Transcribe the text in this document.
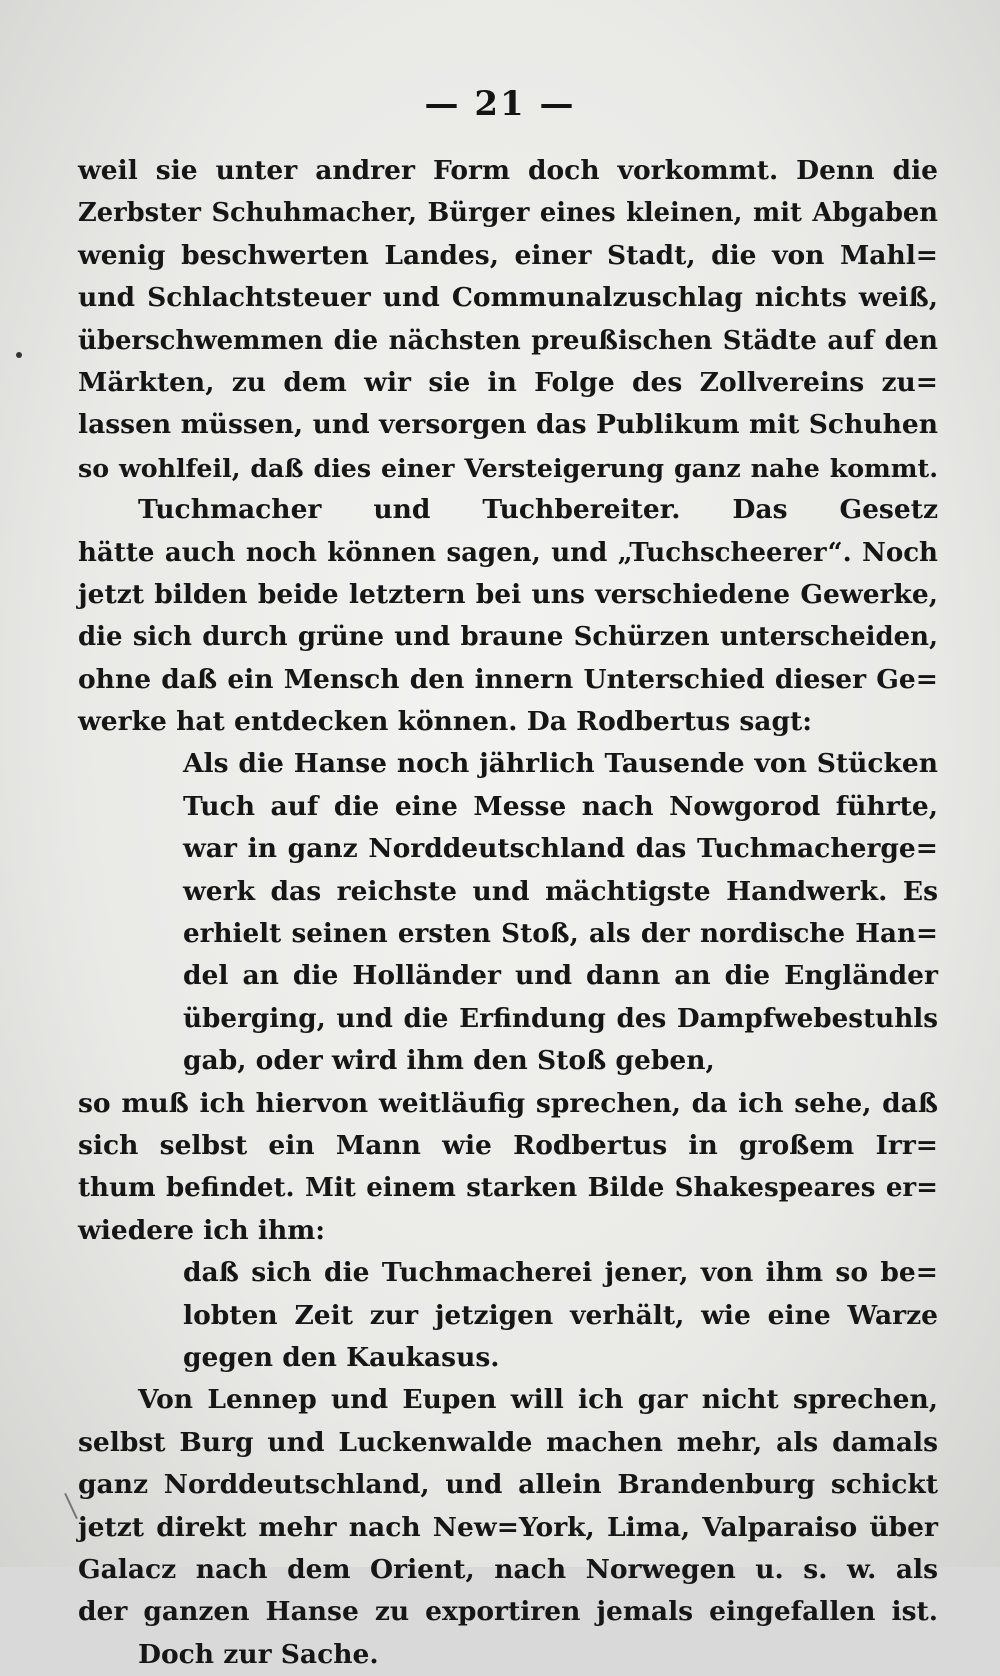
— 21 —
weil sie unter andrer Form doch vorkommt. Denn die
Zerbster Schuhmacher, Bürger eines kleinen, mit Abgaben
wenig beschwerten Landes, einer Stadt, die von Mahl=
und Schlachtsteuer und Communalzuschlag nichts weiß,
überschwemmen die nächsten preußischen Städte auf den
Märkten, zu dem wir sie in Folge des Zollvereins zu=
lassen müssen, und versorgen das Publikum mit Schuhen
so wohlfeil, daß dies einer Versteigerung ganz nahe kommt.
Tuchmacher und Tuchbereiter. Das Gesetz
hätte auch noch können sagen, und „Tuchscheerer“. Noch
jetzt bilden beide letztern bei uns verschiedene Gewerke,
die sich durch grüne und braune Schürzen unterscheiden,
ohne daß ein Mensch den innern Unterschied dieser Ge=
werke hat entdecken können. Da Rodbertus sagt:
Als die Hanse noch jährlich Tausende von Stücken
Tuch auf die eine Messe nach Nowgorod führte,
war in ganz Norddeutschland das Tuchmacherge=
werk das reichste und mächtigste Handwerk. Es
erhielt seinen ersten Stoß, als der nordische Han=
del an die Holländer und dann an die Engländer
überging, und die Erfindung des Dampfwebestuhls
gab, oder wird ihm den Stoß geben,
so muß ich hiervon weitläufig sprechen, da ich sehe, daß
sich selbst ein Mann wie Rodbertus in großem Irr=
thum befindet. Mit einem starken Bilde Shakespeares er=
wiedere ich ihm:
daß sich die Tuchmacherei jener, von ihm so be=
lobten Zeit zur jetzigen verhält, wie eine Warze
gegen den Kaukasus.
Von Lennep und Eupen will ich gar nicht sprechen,
selbst Burg und Luckenwalde machen mehr, als damals
ganz Norddeutschland, und allein Brandenburg schickt
jetzt direkt mehr nach New=York, Lima, Valparaiso über
Galacz nach dem Orient, nach Norwegen u. s. w. als
der ganzen Hanse zu exportiren jemals eingefallen ist.
Doch zur Sache.
